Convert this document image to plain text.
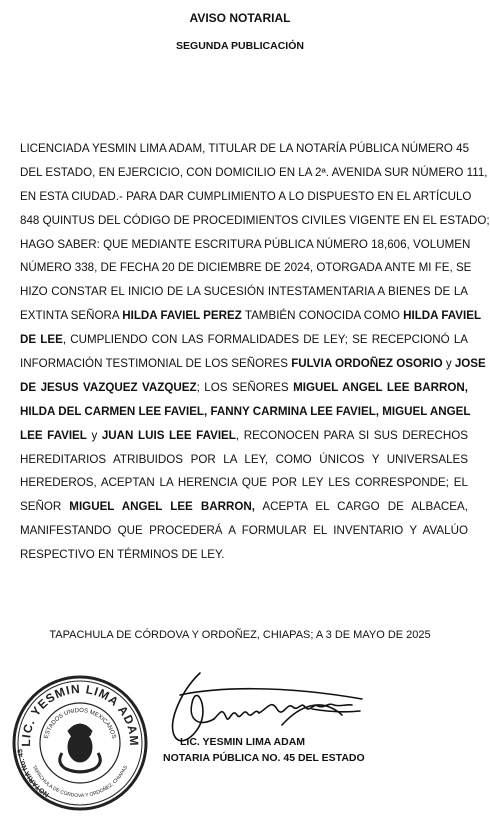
AVISO NOTARIAL
SEGUNDA PUBLICACIÓN
LICENCIADA YESMIN LIMA ADAM, TITULAR DE LA NOTARÍA PÚBLICA NÚMERO 45
DEL ESTADO, EN EJERCICIO, CON DOMICILIO EN LA 2ª. AVENIDA SUR NÚMERO 111,
EN ESTA CIUDAD.- PARA DAR CUMPLIMIENTO A LO DISPUESTO EN EL ARTÍCULO
848 QUINTUS DEL CÓDIGO DE PROCEDIMIENTOS CIVILES VIGENTE EN EL ESTADO;
HAGO SABER: QUE MEDIANTE ESCRITURA PÚBLICA NÚMERO 18,606, VOLUMEN
NÚMERO 338, DE FECHA 20 DE DICIEMBRE DE 2024, OTORGADA ANTE MI FE, SE
HIZO CONSTAR EL INICIO DE LA SUCESIÓN INTESTAMENTARIA A BIENES DE LA
EXTINTA SEÑORA HILDA FAVIEL PEREZ TAMBIÉN CONOCIDA COMO HILDA FAVIEL
DE LEE, CUMPLIENDO CON LAS FORMALIDADES DE LEY; SE RECEPCIONÓ LA
INFORMACIÓN TESTIMONIAL DE LOS SEÑORES FULVIA ORDOÑEZ OSORIO y JOSE
DE JESUS VAZQUEZ VAZQUEZ; LOS SEÑORES MIGUEL ANGEL LEE BARRON,
HILDA DEL CARMEN LEE FAVIEL, FANNY CARMINA LEE FAVIEL, MIGUEL ANGEL
LEE FAVIEL y JUAN LUIS LEE FAVIEL, RECONOCEN PARA SI SUS DERECHOS
HEREDITARIOS ATRIBUIDOS POR LA LEY, COMO ÚNICOS Y UNIVERSALES
HEREDEROS, ACEPTAN LA HERENCIA QUE POR LEY LES CORRESPONDE; EL
SEÑOR MIGUEL ANGEL LEE BARRON, ACEPTA EL CARGO DE ALBACEA,
MANIFESTANDO QUE PROCEDERÁ A FORMULAR EL INVENTARIO Y AVALÚO
RESPECTIVO EN TÉRMINOS DE LEY.
TAPACHULA DE CÓRDOVA Y ORDOÑEZ, CHIAPAS; A 3 DE MAYO DE 2025
LIC. YESMIN LIMA ADAM
ESTADOS UNIDOS MEXICANOS
NOTARIA No. 45
TAPACHULA DE CORDOVA Y ORDOÑEZ, CHIAPAS
LIC. YESMIN LIMA ADAM
NOTARIA PÚBLICA NO. 45 DEL ESTADO
